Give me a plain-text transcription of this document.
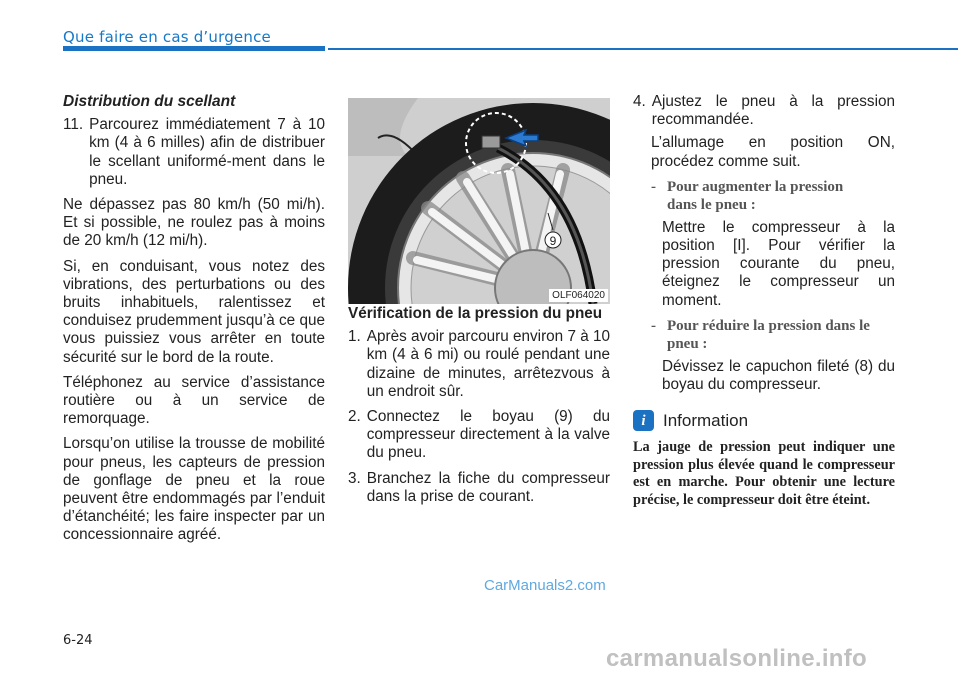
Que faire en cas d’urgence

Distribution du scellant

11. Parcourez immédiatement 7 à 10 km (4 à 6 milles) afin de distribuer le scellant uniformé-ment dans le pneu.

Ne dépassez pas 80 km/h (50 mi/h). Et si possible, ne roulez pas à moins de 20 km/h (12 mi/h).

Si, en conduisant, vous notez des vibrations, des perturbations ou des bruits inhabituels, ralentissez et conduisez prudemment jusqu’à ce que vous puissiez vous arrêter en toute sécurité sur le bord de la route.

Téléphonez au service d’assistance routière ou à un service de remorquage.

Lorsqu’on utilise la trousse de mobilité pour pneus, les capteurs de pression de gonflage de pneu et la roue peuvent être endommagés par l’enduit d’étanchéité; les faire inspecter par un concessionnaire agréé.

9
OLF064020

Vérification de la pression du pneu

1. Après avoir parcouru environ 7 à 10 km (4 à 6 mi) ou roulé pendant une dizaine de minutes, arrêtezvous à un endroit sûr.
2. Connectez le boyau (9) du compresseur directement à la valve du pneu.
3. Branchez la fiche du compresseur dans la prise de courant.
4. Ajustez le pneu à la pression recommandée.

L’allumage en position ON, procédez comme suit.

- Pour augmenter la pression
dans le pneu :

Mettre le compresseur à la position [I]. Pour vérifier la pression courante du pneu, éteignez le compresseur un moment.

- Pour réduire la pression dans le
pneu :

Dévissez le capuchon fileté (8) du boyau du compresseur.

i	Information

La jauge de pression peut indiquer une pression plus élevée quand le compresseur est en marche. Pour obtenir une lecture précise, le compresseur doit être éteint.

6-24
CarManuals2.com
carmanualsonline.info
